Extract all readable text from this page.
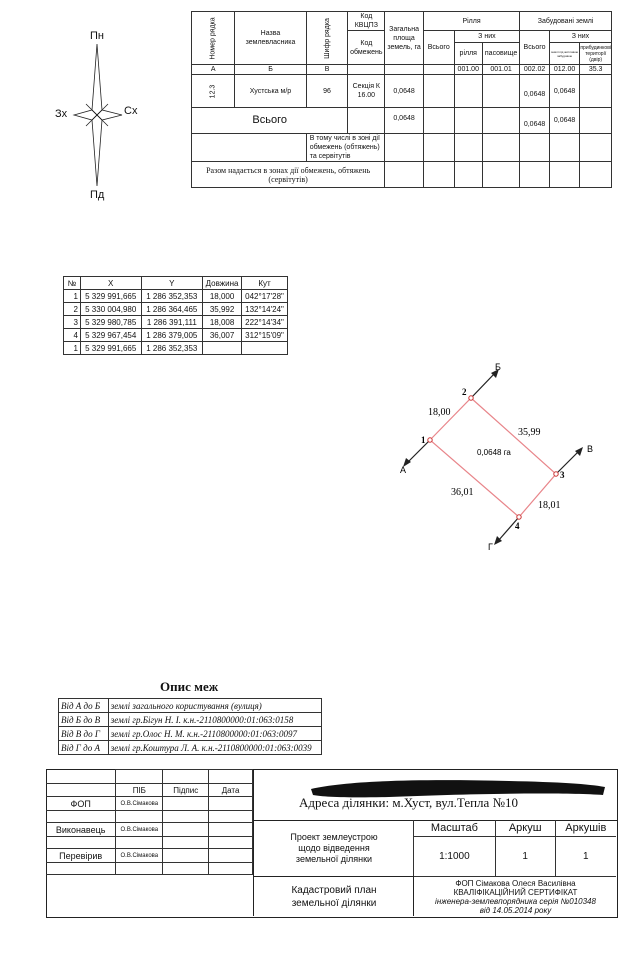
Пн
Пд
Зх	Сх
Номер рядка	Назва землевласника	Шифр рядка	Код КВЦПЗ	Загальна площа земель, га	Рілля			Забудовані землі		
			Код обмежень		Всього	З них		Всього	З них	
						рілля	пасовище		землі під житловою забудовою	прибудинкові території (двір)
А	Б	В				001.00	001.01	002.02	012.00	35.3
12.3	Хустська м/р	96	Секція К 16.00	0,0648				0,0648	0,0648	
Всього				0,0648				0,0648	0,0648	
		В тому числі в зоні дії обмежень (обтяжень) та сервітутів								
Разом надається в зонах дії обмежень, обтяжень (сервітутів)										
№	X	Y	Довжина	Кут
1	5 329 991,665	1 286 352,353	18,000	042°17'28"
2	5 330 004,980	1 286 364,465	35,992	132°14'24"
3	5 329 980,785	1 286 391,111	18,008	222°14'34"
4	5 329 967,454	1 286 379,005	36,007	312°15'09"
1	5 329 991,665	1 286 352,353		
1
2
3
4
А
Б
В
Г
18,00
35,99
18,01
36,01
0,0648 га
Опис меж
Від А до Б	землі загального користування (вулиця)
Від Б до В	землі гр.Бігун Н. І. к.н.-2110800000:01:063:0158
Від В до Г	землі гр.Олос Н. М. к.н.-2110800000:01:063:0097
Від Г до А	землі гр.Коштура Л. А. к.н.-2110800000:01:063:0039

	ПІБ	Підпис	Дата
ФОП	О.В.Сімакова		

Виконавець	О.В.Сімакова		

Перевірив	О.В.Сімакова		

Адреса ділянки: м.Хуст, вул.Тепла №10
Проект землеустрою щодо відведення земельної ділянки
Масштаб	Аркуш	Аркушів
1:1000	1	1
Кадастровий план земельної ділянки
ФОП Сімакова Олеся Василівна
КВАЛІФІКАЦІЙНИЙ СЕРТИФІКАТ
інженера-землевпорядника серія №010348
від 14.05.2014 року
